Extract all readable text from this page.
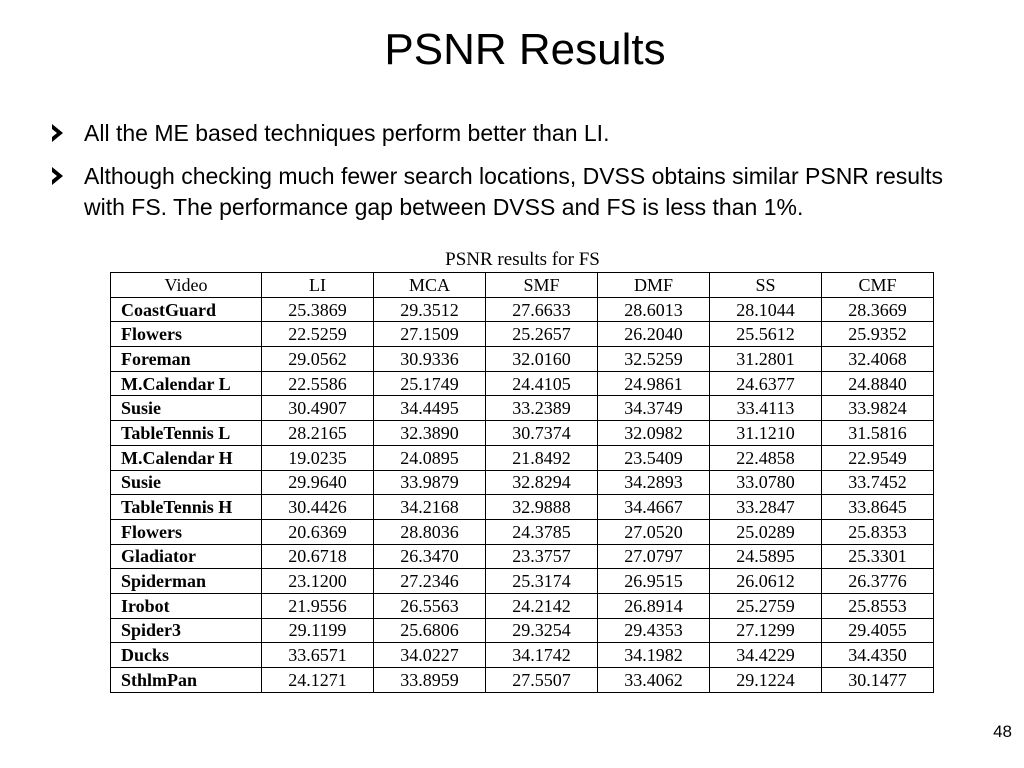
PSNR Results
All the ME based techniques perform better than LI.
Although checking much fewer search locations, DVSS obtains similar PSNR results with FS. The performance gap between DVSS and FS is less than 1%.
PSNR results for FS
Video	LI	MCA	SMF	DMF	SS	CMF
CoastGuard	25.3869	29.3512	27.6633	28.6013	28.1044	28.3669
Flowers	22.5259	27.1509	25.2657	26.2040	25.5612	25.9352
Foreman	29.0562	30.9336	32.0160	32.5259	31.2801	32.4068
M.Calendar L	22.5586	25.1749	24.4105	24.9861	24.6377	24.8840
Susie	30.4907	34.4495	33.2389	34.3749	33.4113	33.9824
TableTennis L	28.2165	32.3890	30.7374	32.0982	31.1210	31.5816
M.Calendar H	19.0235	24.0895	21.8492	23.5409	22.4858	22.9549
Susie	29.9640	33.9879	32.8294	34.2893	33.0780	33.7452
TableTennis H	30.4426	34.2168	32.9888	34.4667	33.2847	33.8645
Flowers	20.6369	28.8036	24.3785	27.0520	25.0289	25.8353
Gladiator	20.6718	26.3470	23.3757	27.0797	24.5895	25.3301
Spiderman	23.1200	27.2346	25.3174	26.9515	26.0612	26.3776
Irobot	21.9556	26.5563	24.2142	26.8914	25.2759	25.8553
Spider3	29.1199	25.6806	29.3254	29.4353	27.1299	29.4055
Ducks	33.6571	34.0227	34.1742	34.1982	34.4229	34.4350
SthlmPan	24.1271	33.8959	27.5507	33.4062	29.1224	30.1477
48
